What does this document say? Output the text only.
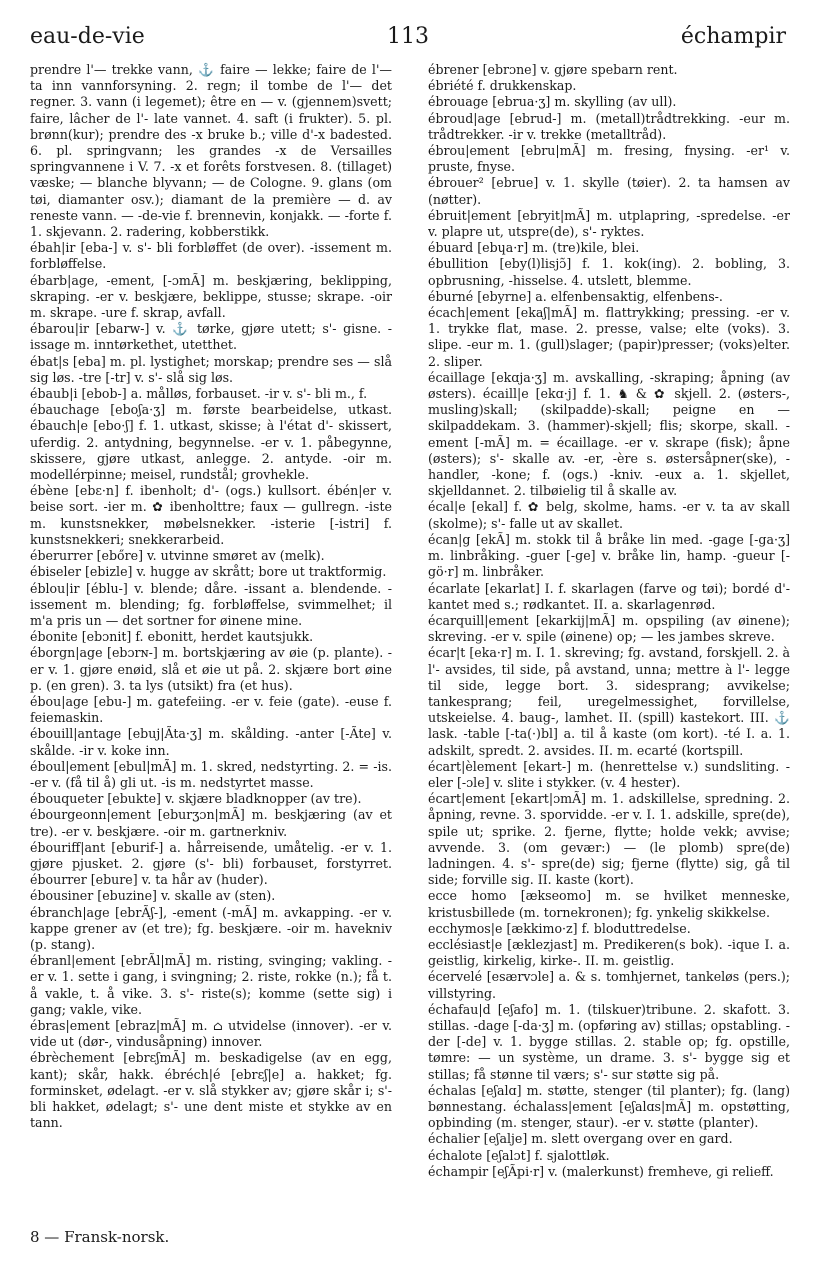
eau-de-vie	113	échampir
prendre l'— trekke vann, ⚓ faire — lekke; faire de l'— ta inn vannforsyning. 2. regn; il tombe de l'— det regner. 3. vann (i legemet); être en — v. (gjennem)svett; faire, lâcher de l'- late vannet. 4. saft (i frukter). 5. pl. brønn(kur); prendre des -x bruke b.; ville d'-x badested. 6. pl. springvann; les grandes -x de Versailles springvannene i V. 7. -x et forêts forstvesen. 8. (tillaget) væske; — blanche blyvann; — de Cologne. 9. glans (om tøi, diamanter osv.); diamant de la première — d. av reneste vann. — -de-vie f. brennevin, konjakk. — -forte f. 1. skjevann. 2. radering, kobberstikk.
ébah|ir [eba-] v. s'- bli forbløffet (de over). -issement m. forbløffelse.
ébarb|age, -ement, [-ɔmÃ] m. beskjæring, beklipping, skraping. -er v. beskjære, beklippe, stusse; skrape. -oir m. skrape. -ure f. skrap, avfall.
ébarou|ir [ebarw-] v. ⚓ tørke, gjøre utett; s'- gisne. -issage m. inntørkethet, utetthet.
ébat|s [eba] m. pl. lystighet; morskap; prendre ses — slå sig løs. -tre [-tr] v. s'- slå sig løs.
ébaub|i [ebob-] a. målløs, forbauset. -ir v. s'- bli m., f.
ébauchage [eboʃa·ʒ] m. første bearbeidelse, utkast. ébauch|e [ebo·ʃ] f. 1. utkast, skisse; à l'état d'- skissert, uferdig. 2. antydning, begynnelse. -er v. 1. påbegynne, skissere, gjøre utkast, anlegge. 2. antyde. -oir m. modellérpinne; meisel, rundstål; grovhekle.
ébène [ebɛ·n] f. ibenholt; d'- (ogs.) kullsort. ébén|er v. beise sort. -ier m. ✿ ibenholttre; faux — gullregn. -iste m. kunstsnekker, møbelsnekker. -isterie [-istri] f. kunstsnekkeri; snekkerarbeid.
éberurrer [ebőre] v. utvinne smøret av (melk).
ébiseler [ebizle] v. hugge av skrått; bore ut traktformig.
éblou|ir [éblu-] v. blende; dåre. -issant a. blendende. -issement m. blending; fg. forbløffelse, svimmelhet; il m'a pris un — det sortner for øinene mine.
ébonite [ebɔnit] f. ebonitt, herdet kautsjukk.
éborgn|age [ebɔrɴ-] m. bortskjæring av øie (p. plante). -er v. 1. gjøre enøid, slå et øie ut på. 2. skjære bort øine p. (en gren). 3. ta lys (utsikt) fra (et hus).
ébou|age [ebu-] m. gatefeiing. -er v. feie (gate). -euse f. feiemaskin.
ébouill|antage [ebuj|Ãta·ʒ] m. skålding. -anter [-Ãte] v. skålde. -ir v. koke inn.
éboul|ement [ebul|mÃ] m. 1. skred, nedstyrting. 2. = -is. -er v. (få til å) gli ut. -is m. nedstyrtet masse.
ébouqueter [ebukte] v. skjære bladknopper (av tre).
ébourgeonn|ement [eburʒɔn|mÃ] m. beskjæring (av et tre). -er v. beskjære. -oir m. gartnerkniv.
ébouriff|ant [eburif-] a. hårreisende, umåtelig. -er v. 1. gjøre pjusket. 2. gjøre (s'- bli) forbauset, forstyrret. ébourrer [ebure] v. ta hår av (huder).
ébousiner [ebuzine] v. skalle av (sten).
ébranch|age [ebrÃʃ-], -ement (-mÃ] m. avkapping. -er v. kappe grener av (et tre); fg. beskjære. -oir m. havekniv (p. stang).
ébranl|ement [ebrÃl|mÃ] m. risting, svinging; vakling. -er v. 1. sette i gang, i svingning; 2. riste, rokke (n.); få t. å vakle, t. å vike. 3. s'- riste(s); komme (sette sig) i gang; vakle, vike.
ébras|ement [ebraz|mÃ] m. ⌂ utvidelse (innover). -er v. vide ut (dør-, vindusåpning) innover.
ébrèchement [ebrɛʃmÃ] m. beskadigelse (av en egg, kant); skår, hakk. ébréch|é [ebrɛʃ|e] a. hakket; fg. forminsket, ødelagt. -er v. slå stykker av; gjøre skår i; s'- bli hakket, ødelagt; s'- une dent miste et stykke av en tann.
ébrener [ebrɔne] v. gjøre spebarn rent.
ébriété f. drukkenskap.
ébrouage [ebrua·ʒ] m. skylling (av ull).
ébroud|age [ebrud-] m. (metall)trådtrekking. -eur m. trådtrekker. -ir v. trekke (metalltråd).
ébrou|ement [ebru|mÃ] m. fresing, fnysing. -er¹ v. pruste, fnyse.
ébrouer² [ebrue] v. 1. skylle (tøier). 2. ta hamsen av (nøtter).
ébruit|ement [ebryit|mÃ] m. utplapring, -spredelse. -er v. plapre ut, utspre(de), s'- ryktes.
ébuard [ebɥa·r] m. (tre)kile, blei.
ébullition [eby(l)lisjɔ̃] f. 1. kok(ing). 2. bobling, 3. opbrusning, -hisselse. 4. utslett, blemme.
éburné [ebyrne] a. elfenbensaktig, elfenbens-.
écach|ement [ekaʃ|mÃ] m. flattrykking; pressing. -er v. 1. trykke flat, mase. 2. presse, valse; elte (voks). 3. slipe. -eur m. 1. (gull)slager; (papir)presser; (voks)elter. 2. sliper.
écaillage [ekɑja·ʒ] m. avskalling, -skraping; åpning (av østers). écaill|e [ekɑ·j] f. 1. ♞ & ✿ skjell. 2. (østers-, musling)skall; (skilpadde)-skall; peigne en — skilpaddekam. 3. (hammer)-skjell; flis; skorpe, skall. -ement [-mÃ] m. = écaillage. -er v. skrape (fisk); åpne (østers); s'- skalle av. -er, -ère s. østersåpner(ske), -handler, -kone; f. (ogs.) -kniv. -eux a. 1. skjellet, skjelldannet. 2. tilbøielig til å skalle av.
écal|e [ekal] f. ✿ belg, skolme, hams. -er v. ta av skall (skolme); s'- falle ut av skallet.
écan|g [ekÃ] m. stokk til å bråke lin med. -gage [-ga·ʒ] m. linbråking. -guer [-ge] v. bråke lin, hamp. -gueur [-gö·r] m. linbråker.
écarlate [ekarlat] I. f. skarlagen (farve og tøi); bordé d'- kantet med s.; rødkantet. II. a. skarlagenrød.
écarquill|ement [ekarkij|mÃ] m. opspiling (av øinene); skreving. -er v. spile (øinene) op; — les jambes skreve.
écar|t [eka·r] m. I. 1. skreving; fg. avstand, forskjell. 2. à l'- avsides, til side, på avstand, unna; mettre à l'- legge til side, legge bort. 3. sidesprang; avvikelse; tankesprang; feil, uregelmessighet, forvillelse, utskeielse. 4. baug-, lamhet. II. (spill) kastekort. III. ⚓ lask. -table [-ta(·)bl] a. til å kaste (om kort). -té I. a. 1. adskilt, spredt. 2. avsides. II. m. ecarté (kortspill.
écart|èlement [ekart-] m. (henrettelse v.) sundsliting. -eler [-ɔle] v. slite i stykker. (v. 4 hester).
écart|ement [ekart|ɔmÃ] m. 1. adskillelse, spredning. 2. åpning, revne. 3. sporvidde. -er v. I. 1. adskille, spre(de), spile ut; sprike. 2. fjerne, flytte; holde vekk; avvise; avvende. 3. (om gevær:) — (le plomb) spre(de) ladningen. 4. s'- spre(de) sig; fjerne (flytte) sig, gå til side; forville sig. II. kaste (kort).
ecce homo [ækseomo] m. se hvilket menneske, kristusbillede (m. tornekronen); fg. ynkelig skikkelse.
ecchymos|e [ækkimo·z] f. bloduttredelse.
ecclésiast|e [æklezjast] m. Predikeren(s bok). -ique I. a. geistlig, kirkelig, kirke-. II. m. geistlig.
écervelé [esærvɔle] a. & s. tomhjernet, tankeløs (pers.); villstyring.
échafau|d [eʃafo] m. 1. (tilskuer)tribune. 2. skafott. 3. stillas. -dage [-da·ʒ] m. (opføring av) stillas; opstabling. -der [-de] v. 1. bygge stillas. 2. stable op; fg. opstille, tømre: — un système, un drame. 3. s'- bygge sig et stillas; få stønne til værs; s'- sur støtte sig på.
échalas [eʃalɑ] m. støtte, stenger (til planter); fg. (lang) bønnestang. échalass|ement [eʃalɑs|mÃ] m. opstøtting, opbinding (m. stenger, staur). -er v. støtte (planter).
échalier [eʃalje] m. slett overgang over en gard.
échalote [eʃalɔt] f. sjalottløk.
échampir [eʃÃpi·r] v. (malerkunst) fremheve, gi relieff.
8 — Fransk-norsk.
